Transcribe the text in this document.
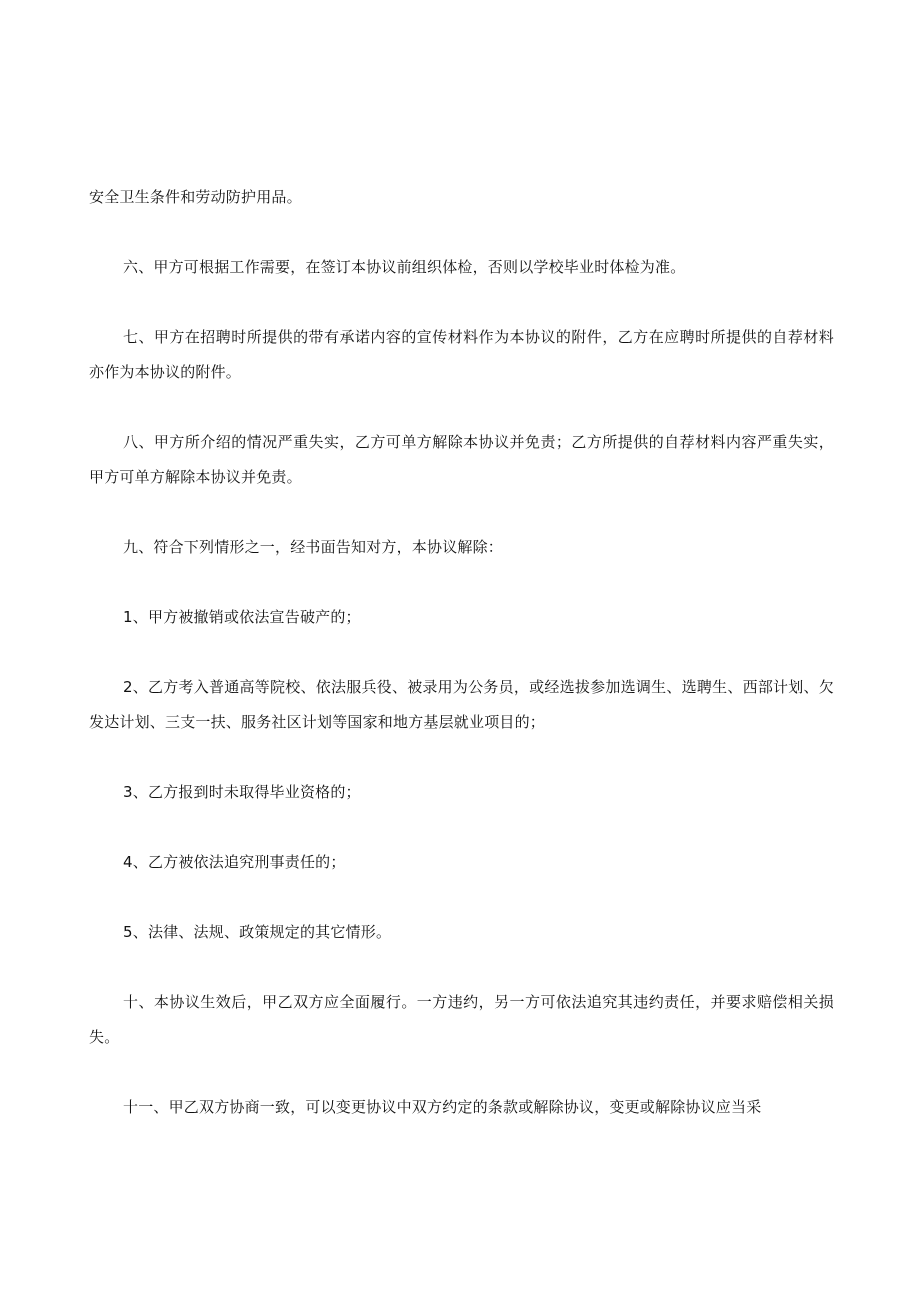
安全卫生条件和劳动防护用品。

六、甲方可根据工作需要，在签订本协议前组织体检，否则以学校毕业时体检为准。

七、甲方在招聘时所提供的带有承诺内容的宣传材料作为本协议的附件，乙方在应聘时所提供的自荐材料亦作为本协议的附件。

八、甲方所介绍的情况严重失实，乙方可单方解除本协议并免责；乙方所提供的自荐材料内容严重失实，甲方可单方解除本协议并免责。

九、符合下列情形之一，经书面告知对方，本协议解除：

1、甲方被撤销或依法宣告破产的；

2、乙方考入普通高等院校、依法服兵役、被录用为公务员，或经选拔参加选调生、选聘生、西部计划、欠发达计划、三支一扶、服务社区计划等国家和地方基层就业项目的；

3、乙方报到时未取得毕业资格的；

4、乙方被依法追究刑事责任的；

5、法律、法规、政策规定的其它情形。

十、本协议生效后，甲乙双方应全面履行。一方违约，另一方可依法追究其违约责任，并要求赔偿相关损失。

十一、甲乙双方协商一致，可以变更协议中双方约定的条款或解除协议，变更或解除协议应当采
